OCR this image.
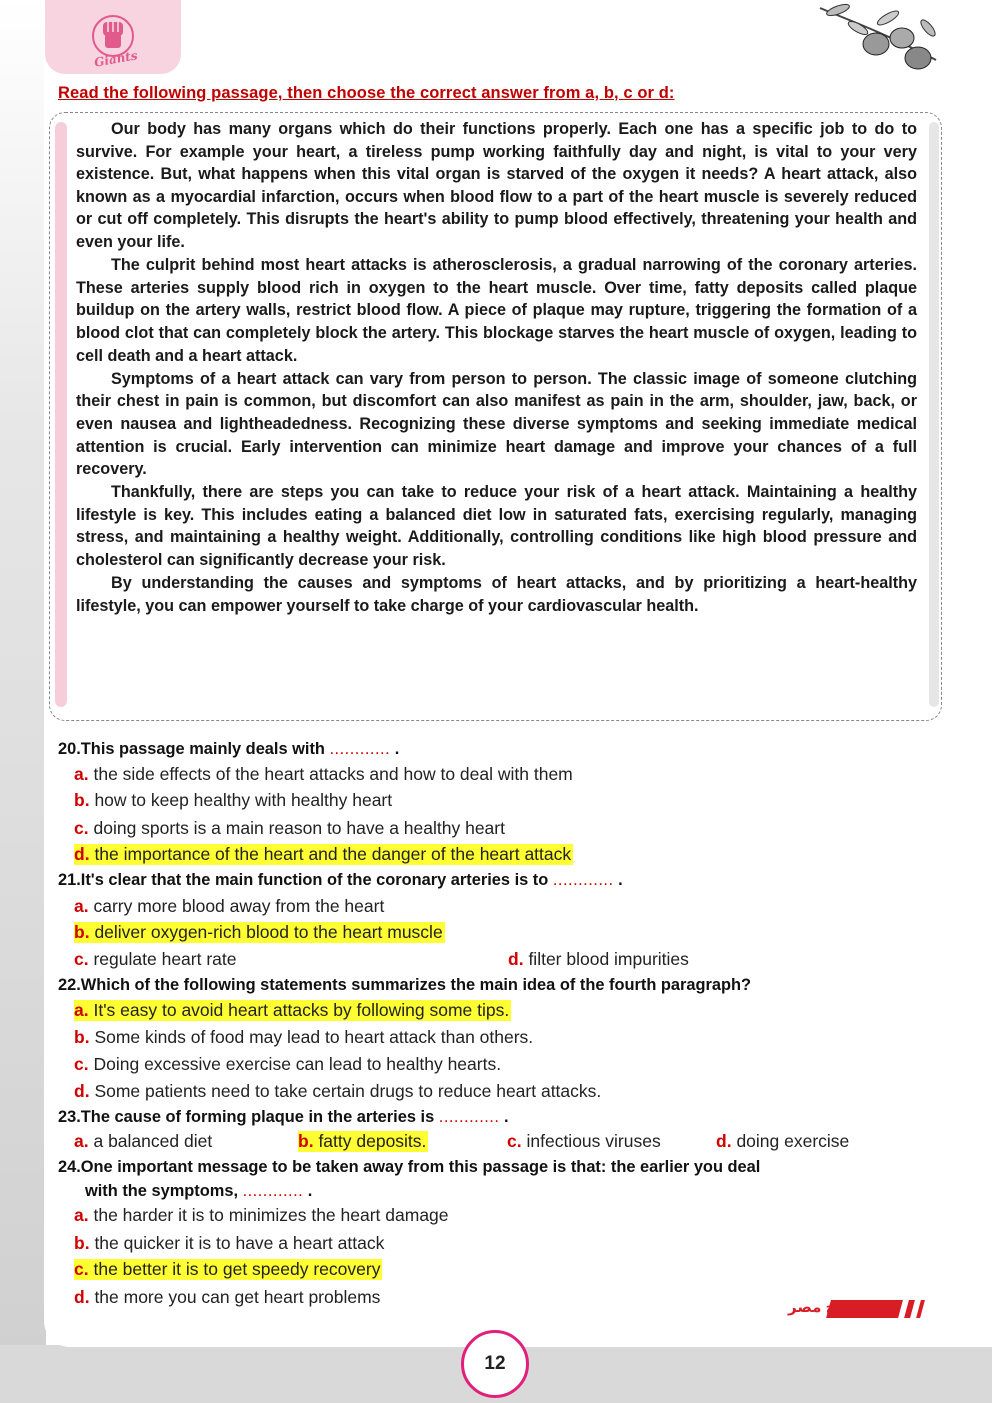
Giants
Read the following passage, then choose the correct answer from a, b, c or d:

Our body has many organs which do their functions properly. Each one has a specific job to do to survive. For example your heart, a tireless pump working faithfully day and night, is vital to your very existence. But, what happens when this vital organ is starved of the oxygen it needs? A heart attack, also known as a myocardial infarction, occurs when blood flow to a part of the heart muscle is severely reduced or cut off completely. This disrupts the heart's ability to pump blood effectively, threatening your health and even your life.

The culprit behind most heart attacks is atherosclerosis, a gradual narrowing of the coronary arteries. These arteries supply blood rich in oxygen to the heart muscle. Over time, fatty deposits called plaque buildup on the artery walls, restrict blood flow. A piece of plaque may rupture, triggering the formation of a blood clot that can completely block the artery. This blockage starves the heart muscle of oxygen, leading to cell death and a heart attack.

Symptoms of a heart attack can vary from person to person. The classic image of someone clutching their chest in pain is common, but discomfort can also manifest as pain in the arm, shoulder, jaw, back, or even nausea and lightheadedness. Recognizing these diverse symptoms and seeking immediate medical attention is crucial. Early intervention can minimize heart damage and improve your chances of a full recovery.

Thankfully, there are steps you can take to reduce your risk of a heart attack. Maintaining a healthy lifestyle is key. This includes eating a balanced diet low in saturated fats, exercising regularly, managing stress, and maintaining a healthy weight. Additionally, controlling conditions like high blood pressure and cholesterol can significantly decrease your risk.

By understanding the causes and symptoms of heart attacks, and by prioritizing a heart-healthy lifestyle, you can empower yourself to take charge of your cardiovascular health.

20.This passage mainly deals with ............ .
a. the side effects of the heart attacks and how to deal with them
b. how to keep healthy with healthy heart
c. doing sports is a main reason to have a healthy heart
d. the importance of the heart and the danger of the heart attack
21.It's clear that the main function of the coronary arteries is to ............ .
a. carry more blood away from the heart
b. deliver oxygen-rich blood to the heart muscle
c. regulate heart rate	d. filter blood impurities
22.Which of the following statements summarizes the main idea of the fourth paragraph?
a. It's easy to avoid heart attacks by following some tips.
b. Some kinds of food may lead to heart attack than others.
c. Doing excessive exercise can lead to healthy hearts.
d. Some patients need to take certain drugs to reduce heart attacks.
23.The cause of forming plaque in the arteries is ............ .
a. a balanced diet	b. fatty deposits.	c. infectious viruses	d. doing exercise
24.One important message to be taken away from this passage is that: the earlier you deal
with the symptoms, ............ .
a. the harder it is to minimizes the heart damage
b. the quicker it is to have a heart attack
c. the better it is to get speedy recovery
d. the more you can get heart problems
صباح مصر
12
